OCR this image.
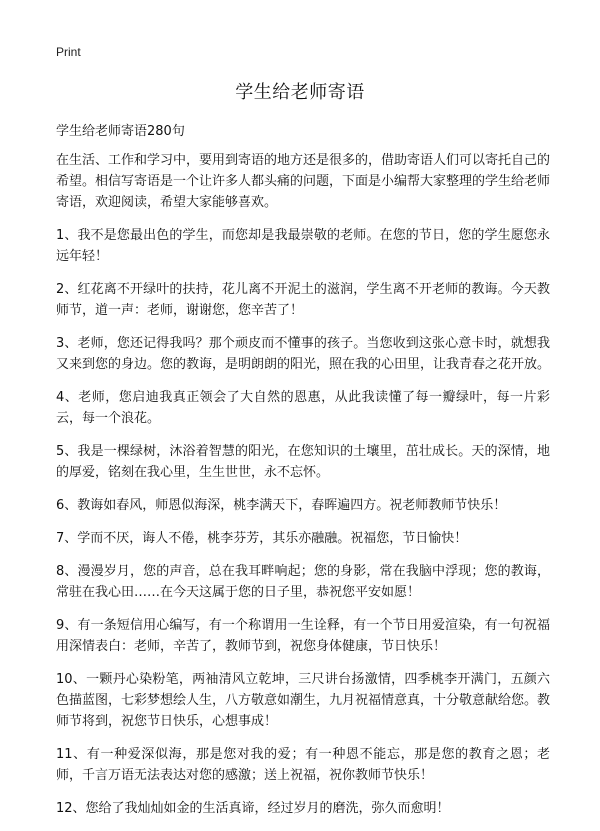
Print
学生给老师寄语

学生给老师寄语280句

在生活、工作和学习中，要用到寄语的地方还是很多的，借助寄语人们可以寄托自己的希望。相信写寄语是一个让许多人都头痛的问题，下面是小编帮大家整理的学生给老师寄语，欢迎阅读，希望大家能够喜欢。

1、我不是您最出色的学生，而您却是我最崇敬的老师。在您的节日，您的学生愿您永远年轻！

2、红花离不开绿叶的扶持，花儿离不开泥土的滋润，学生离不开老师的教诲。今天教师节，道一声：老师，谢谢您，您辛苦了！

3、老师，您还记得我吗？那个顽皮而不懂事的孩子。当您收到这张心意卡时，就想我又来到您的身边。您的教诲，是明朗朗的阳光，照在我的心田里，让我青春之花开放。

4、老师，您启迪我真正领会了大自然的恩惠，从此我读懂了每一瓣绿叶，每一片彩云，每一个浪花。

5、我是一棵绿树，沐浴着智慧的阳光，在您知识的土壤里，茁壮成长。天的深情，地的厚爱，铭刻在我心里，生生世世，永不忘怀。

6、教诲如春风，师恩似海深，桃李满天下，春晖遍四方。祝老师教师节快乐！

7、学而不厌，诲人不倦，桃李芬芳，其乐亦融融。祝福您，节日愉快！

8、漫漫岁月，您的声音，总在我耳畔响起；您的身影，常在我脑中浮现；您的教诲，常驻在我心田……在今天这属于您的日子里，恭祝您平安如愿！

9、有一条短信用心编写，有一个称谓用一生诠释，有一个节日用爱渲染，有一句祝福用深情表白：老师，辛苦了，教师节到，祝您身体健康，节日快乐！

10、一颗丹心染粉笔，两袖清风立乾坤，三尺讲台扬激情，四季桃李开满门，五颜六色描蓝图，七彩梦想绘人生，八方敬意如潮生，九月祝福情意真，十分敬意献给您。教师节将到，祝您节日快乐，心想事成！

11、有一种爱深似海，那是您对我的爱；有一种恩不能忘，那是您的教育之恩；老师，千言万语无法表达对您的感激；送上祝福，祝你教师节快乐！

12、您给了我灿灿如金的生活真谛，经过岁月的磨洗，弥久而愈明！
